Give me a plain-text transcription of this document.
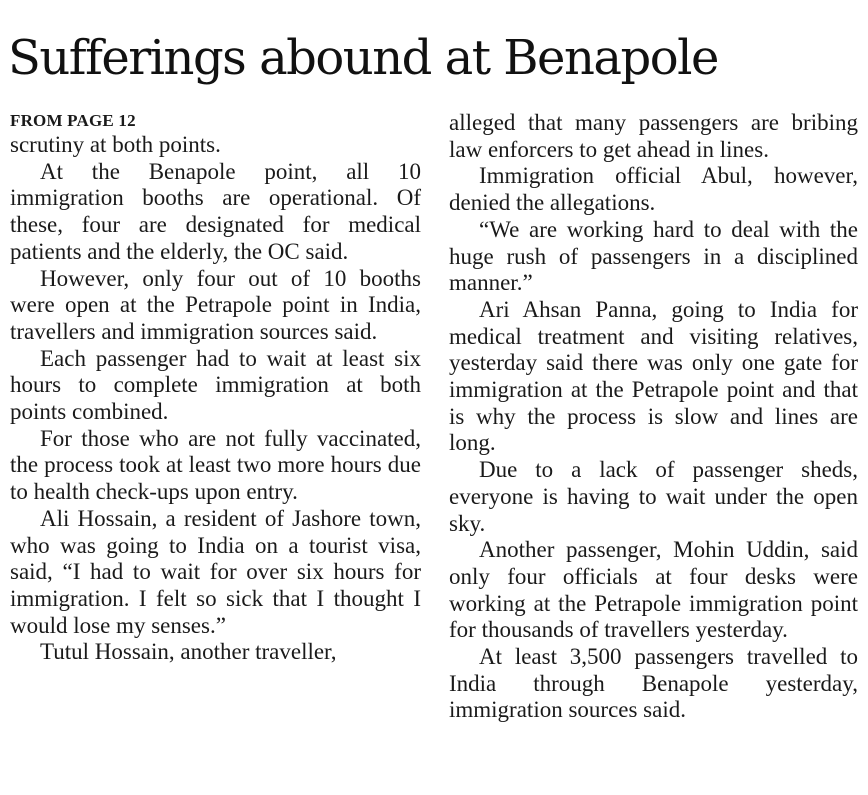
Sufferings abound at Benapole
FROM PAGE 12

scrutiny at both points.

At the Benapole point, all 10 immigration booths are operational. Of these, four are designated for medical patients and the elderly, the OC said.

However, only four out of 10 booths were open at the Petrapole point in India, travellers and immigration sources said.

Each passenger had to wait at least six hours to complete immigration at both points combined.

For those who are not fully vaccinated, the process took at least two more hours due to health check-ups upon entry.

Ali Hossain, a resident of Jashore town, who was going to India on a tourist visa, said, “I had to wait for over six hours for immigration. I felt so sick that I thought I would lose my senses.”

Tutul Hossain, another traveller,

alleged that many passengers are bribing law enforcers to get ahead in lines.

Immigration official Abul, however, denied the allegations.

“We are working hard to deal with the huge rush of passengers in a disciplined manner.”

Ari Ahsan Panna, going to India for medical treatment and visiting relatives, yesterday said there was only one gate for immigration at the Petrapole point and that is why the process is slow and lines are long.

Due to a lack of passenger sheds, everyone is having to wait under the open sky.

Another passenger, Mohin Uddin, said only four officials at four desks were working at the Petrapole immigration point for thousands of travellers yesterday.

At least 3,500 passengers travelled to India through Benapole yesterday, immigration sources said.
